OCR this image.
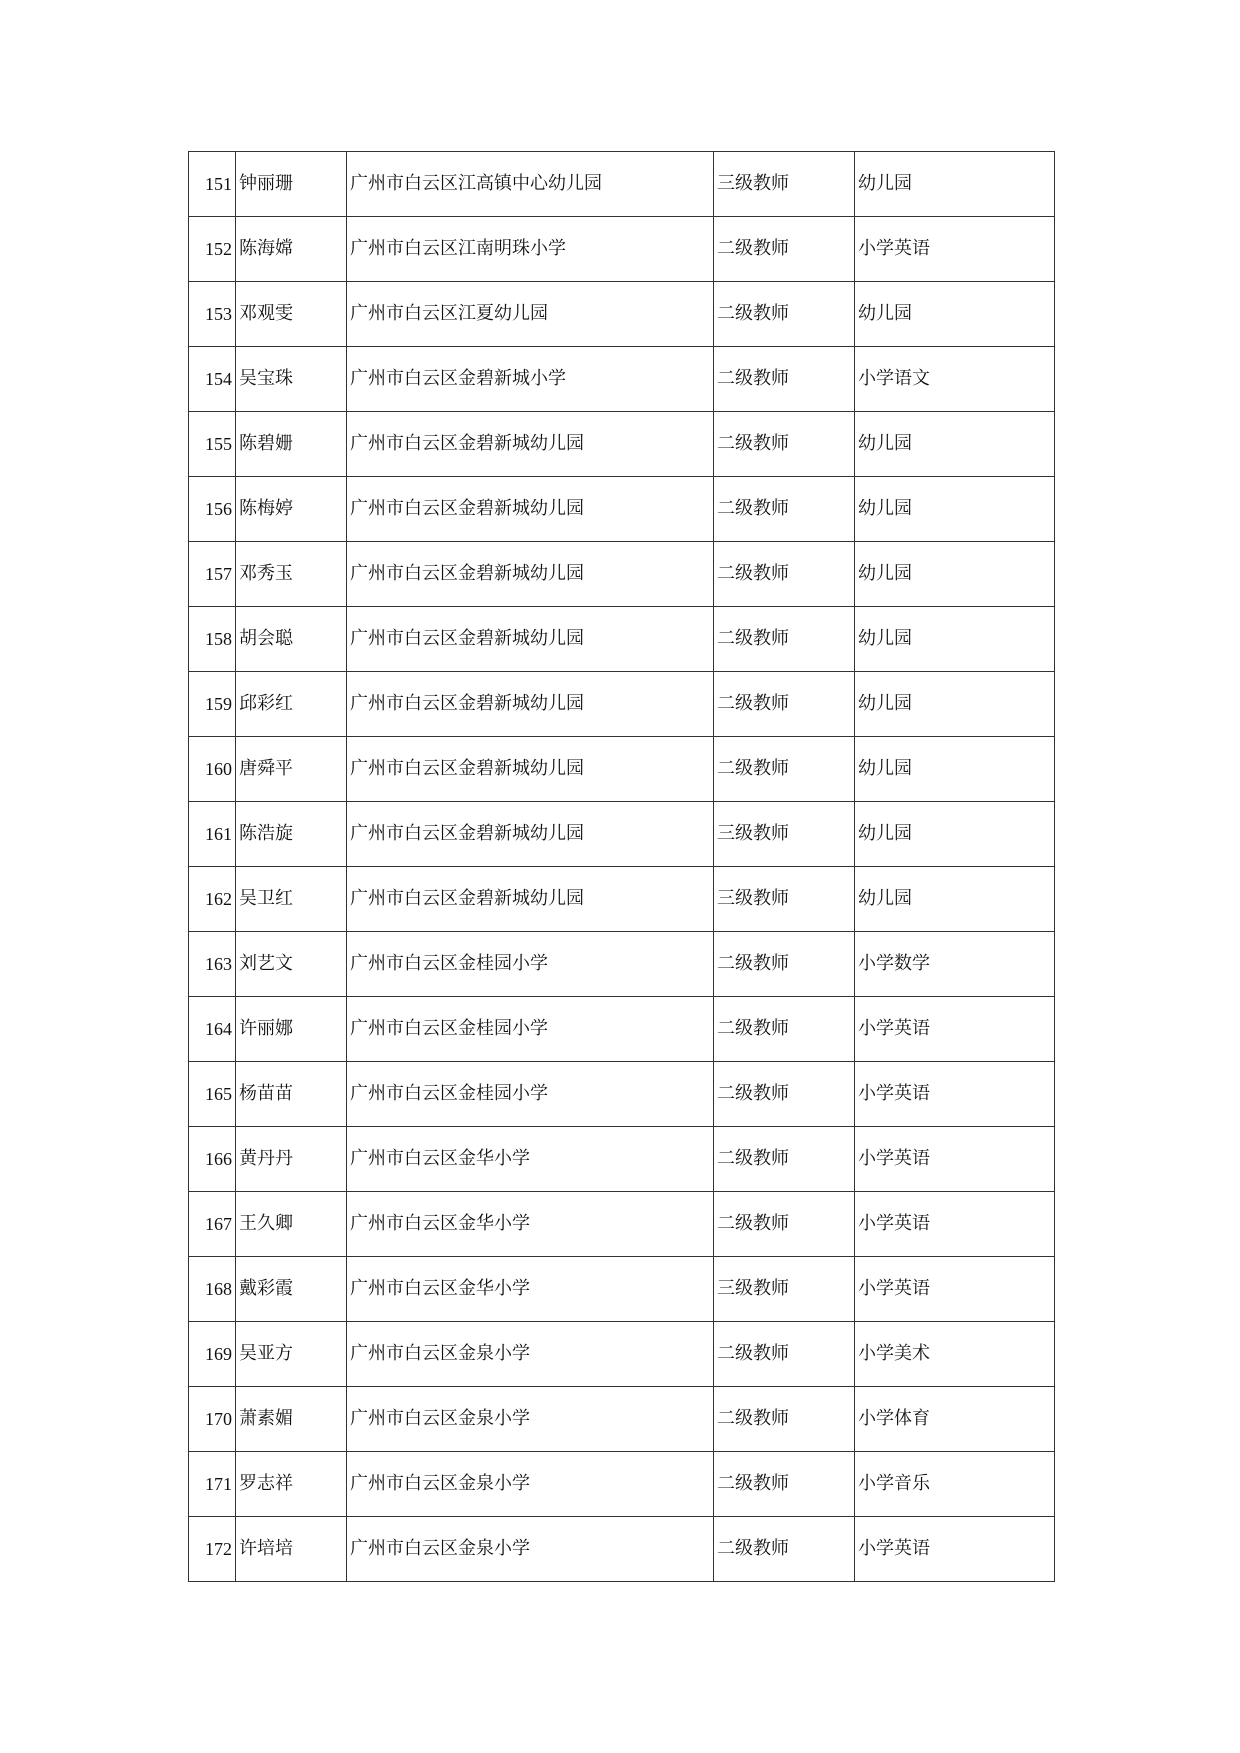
151	钟丽珊	广州市白云区江高镇中心幼儿园	三级教师	幼儿园
152	陈海嫦	广州市白云区江南明珠小学	二级教师	小学英语
153	邓观雯	广州市白云区江夏幼儿园	二级教师	幼儿园
154	吴宝珠	广州市白云区金碧新城小学	二级教师	小学语文
155	陈碧姗	广州市白云区金碧新城幼儿园	二级教师	幼儿园
156	陈梅婷	广州市白云区金碧新城幼儿园	二级教师	幼儿园
157	邓秀玉	广州市白云区金碧新城幼儿园	二级教师	幼儿园
158	胡会聪	广州市白云区金碧新城幼儿园	二级教师	幼儿园
159	邱彩红	广州市白云区金碧新城幼儿园	二级教师	幼儿园
160	唐舜平	广州市白云区金碧新城幼儿园	二级教师	幼儿园
161	陈浩旋	广州市白云区金碧新城幼儿园	三级教师	幼儿园
162	吴卫红	广州市白云区金碧新城幼儿园	三级教师	幼儿园
163	刘艺文	广州市白云区金桂园小学	二级教师	小学数学
164	许丽娜	广州市白云区金桂园小学	二级教师	小学英语
165	杨苗苗	广州市白云区金桂园小学	二级教师	小学英语
166	黄丹丹	广州市白云区金华小学	二级教师	小学英语
167	王久卿	广州市白云区金华小学	二级教师	小学英语
168	戴彩霞	广州市白云区金华小学	三级教师	小学英语
169	吴亚方	广州市白云区金泉小学	二级教师	小学美术
170	萧素媚	广州市白云区金泉小学	二级教师	小学体育
171	罗志祥	广州市白云区金泉小学	二级教师	小学音乐
172	许培培	广州市白云区金泉小学	二级教师	小学英语
